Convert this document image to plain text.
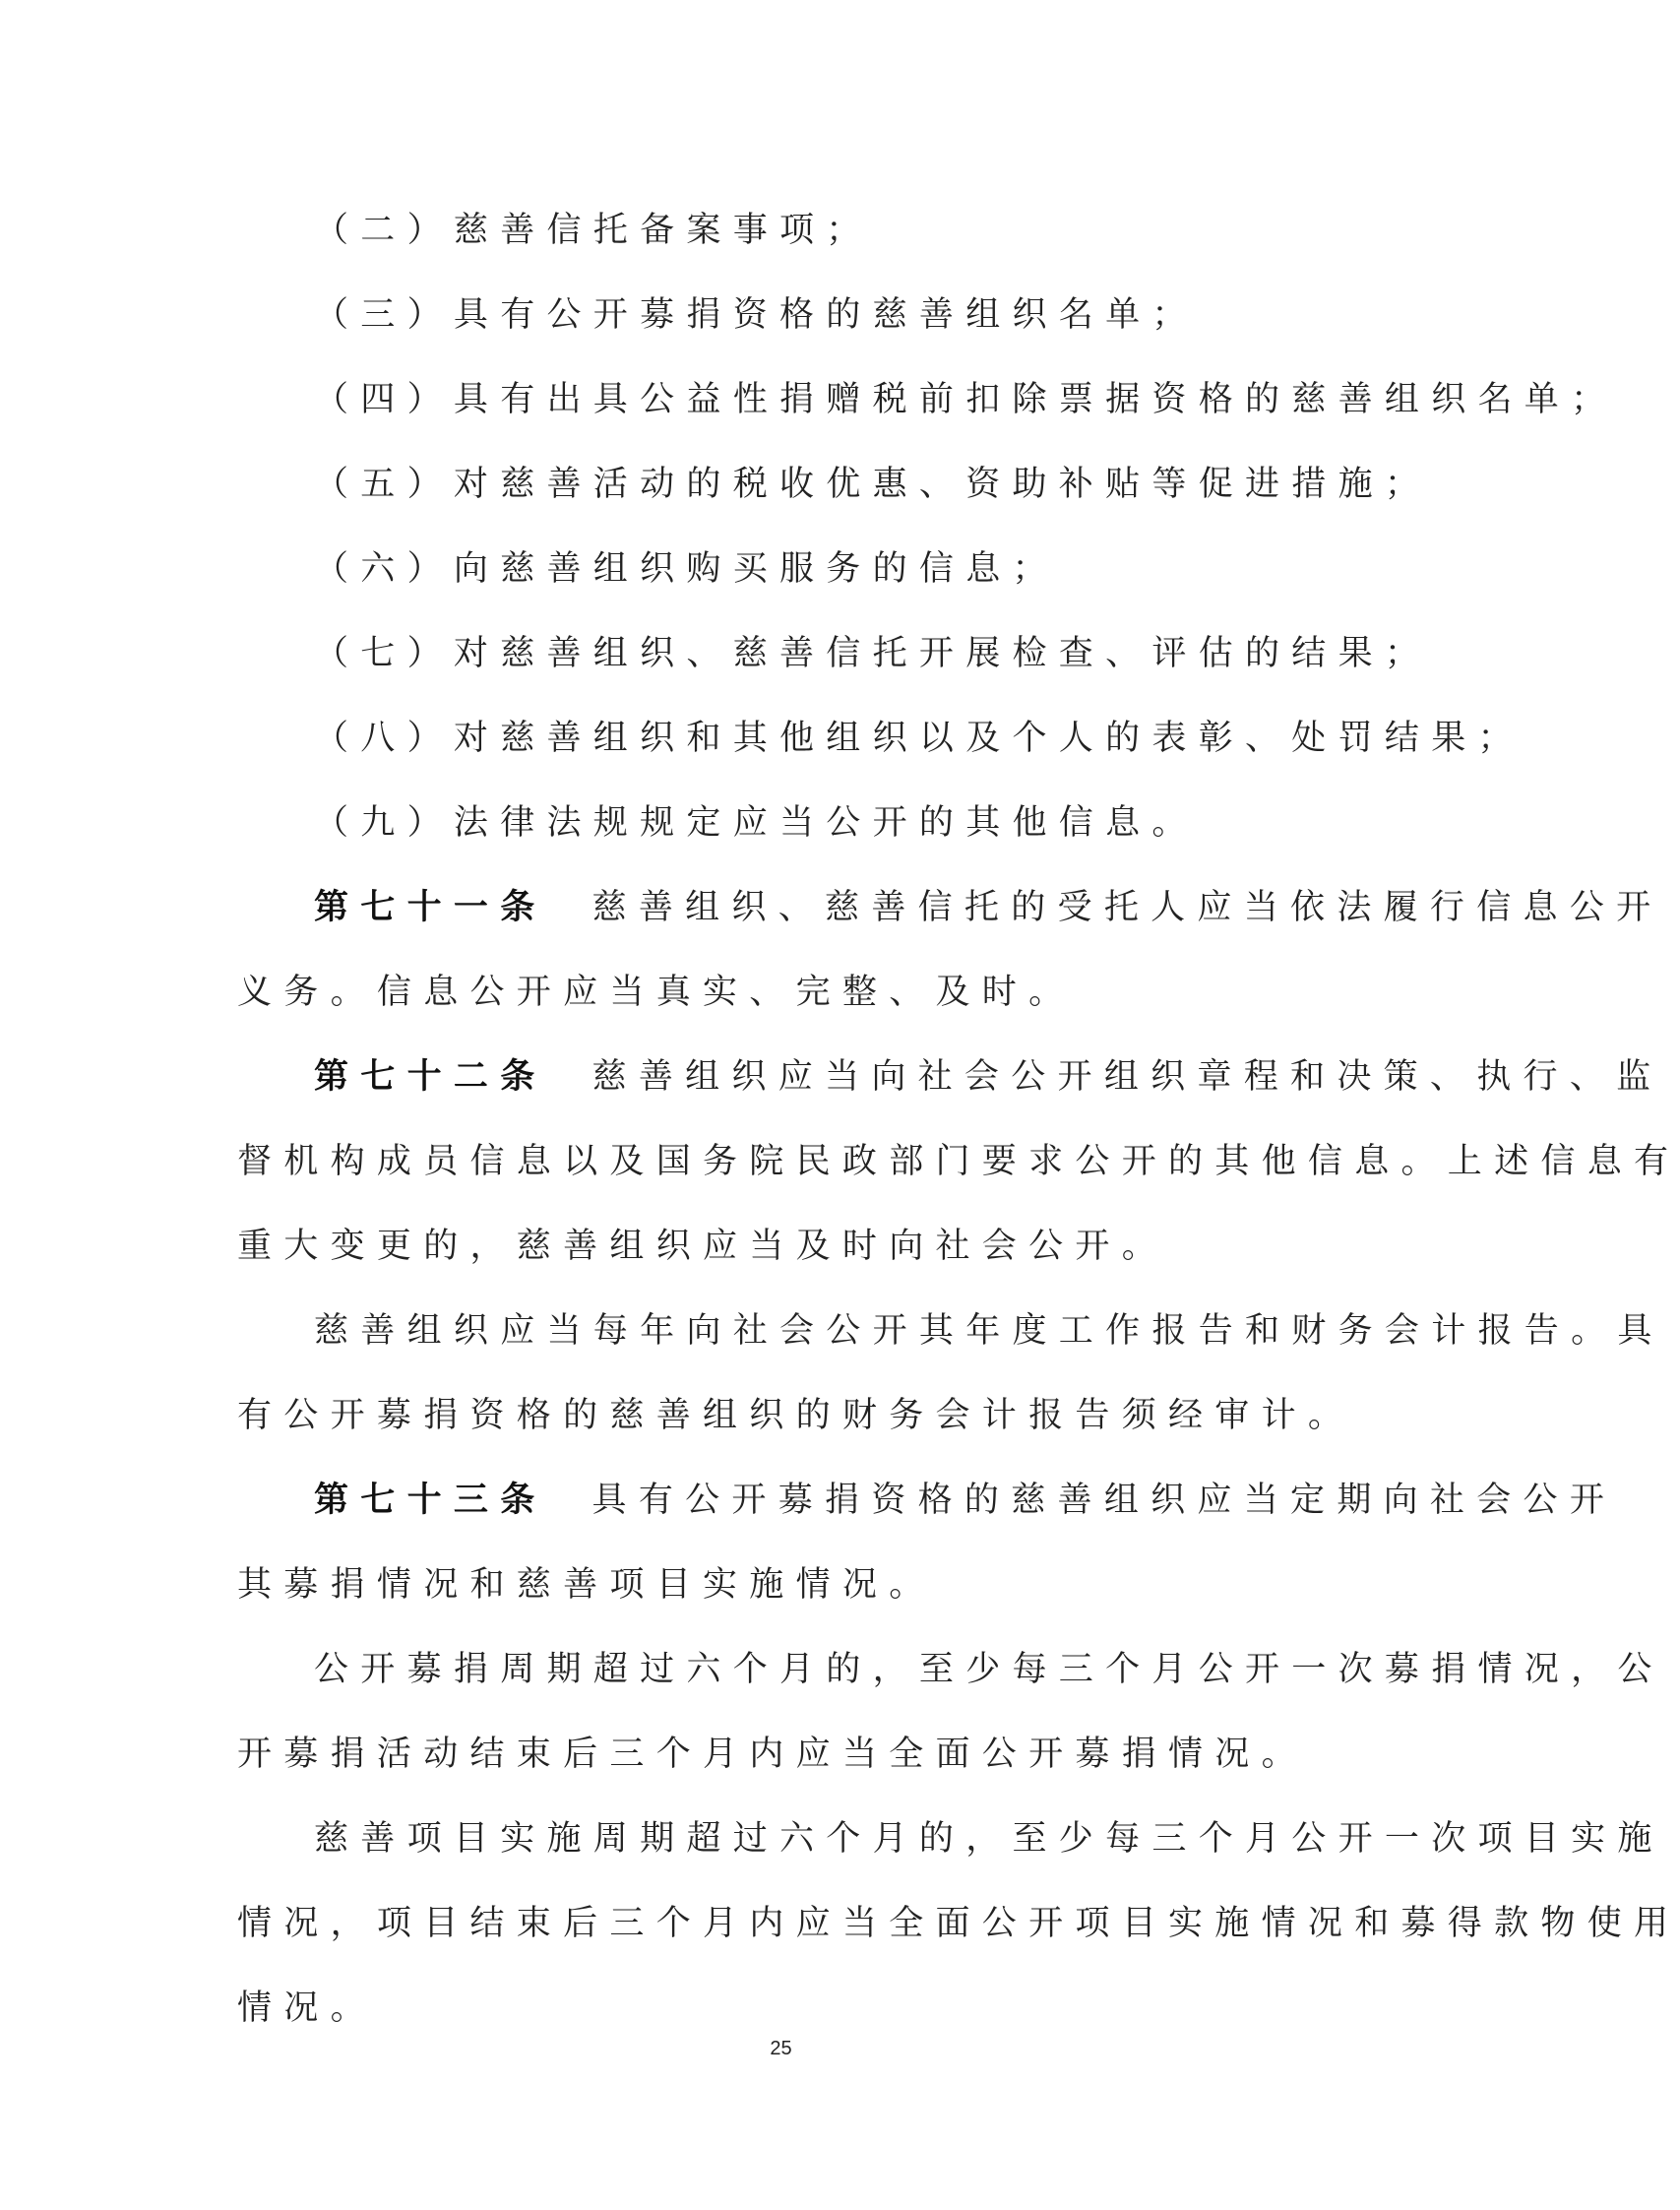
（二）慈善信托备案事项；
（三）具有公开募捐资格的慈善组织名单；
（四）具有出具公益性捐赠税前扣除票据资格的慈善组织名单；
（五）对慈善活动的税收优惠、资助补贴等促进措施；
（六）向慈善组织购买服务的信息；
（七）对慈善组织、慈善信托开展检查、评估的结果；
（八）对慈善组织和其他组织以及个人的表彰、处罚结果；
（九）法律法规规定应当公开的其他信息。
第七十一条 慈善组织、慈善信托的受托人应当依法履行信息公开
义务。信息公开应当真实、完整、及时。
第七十二条 慈善组织应当向社会公开组织章程和决策、执行、监
督机构成员信息以及国务院民政部门要求公开的其他信息。上述信息有
重大变更的，慈善组织应当及时向社会公开。
慈善组织应当每年向社会公开其年度工作报告和财务会计报告。具
有公开募捐资格的慈善组织的财务会计报告须经审计。
第七十三条 具有公开募捐资格的慈善组织应当定期向社会公开
其募捐情况和慈善项目实施情况。
公开募捐周期超过六个月的，至少每三个月公开一次募捐情况，公
开募捐活动结束后三个月内应当全面公开募捐情况。
慈善项目实施周期超过六个月的，至少每三个月公开一次项目实施
情况，项目结束后三个月内应当全面公开项目实施情况和募得款物使用
情况。
25
